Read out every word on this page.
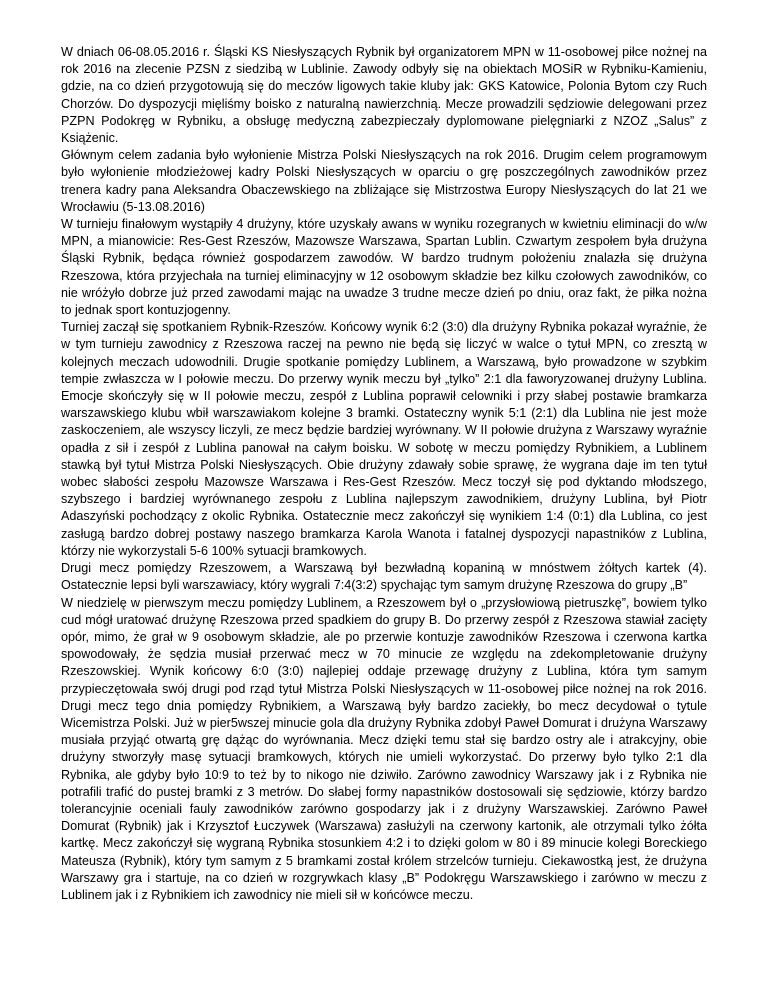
W dniach 06-08.05.2016 r. Śląski KS Niesłyszących Rybnik był organizatorem MPN w 11-osobowej piłce nożnej na rok 2016 na zlecenie PZSN z siedzibą w Lublinie. Zawody odbyły się na obiektach MOSiR w Rybniku-Kamieniu, gdzie, na co dzień przygotowują się do meczów ligowych takie kluby jak: GKS Katowice, Polonia Bytom czy Ruch Chorzów. Do dyspozycji mięliśmy boisko z naturalną nawierzchnią. Mecze prowadzili sędziowie delegowani przez PZPN Podokręg w Rybniku, a obsługę medyczną zabezpieczały dyplomowane pielęgniarki z NZOZ „Salus” z Książenic.

Głównym celem zadania było wyłonienie Mistrza Polski Niesłyszących na rok 2016. Drugim celem programowym było wyłonienie młodzieżowej kadry Polski Niesłyszących w oparciu o grę poszczególnych zawodników przez trenera kadry pana Aleksandra Obaczewskiego na zbliżające się Mistrzostwa Europy Niesłyszących do lat 21 we Wrocławiu (5-13.08.2016)

W turnieju finałowym wystąpiły 4 drużyny, które uzyskały awans w wyniku rozegranych w kwietniu eliminacji do w/w MPN, a mianowicie: Res-Gest Rzeszów, Mazowsze Warszawa, Spartan Lublin. Czwartym zespołem była drużyna Śląski Rybnik, będąca również gospodarzem zawodów. W bardzo trudnym położeniu znalazła się drużyna Rzeszowa, która przyjechała na turniej eliminacyjny w 12 osobowym składzie bez kilku czołowych zawodników, co nie wróżyło dobrze już przed zawodami mając na uwadze 3 trudne mecze dzień po dniu, oraz fakt, że piłka nożna to jednak sport kontuzjogenny.

Turniej zaczął się spotkaniem Rybnik-Rzeszów. Końcowy wynik 6:2 (3:0) dla drużyny Rybnika pokazał wyraźnie, że w tym turnieju zawodnicy z Rzeszowa raczej na pewno nie będą się liczyć w walce o tytuł MPN, co zresztą w kolejnych meczach udowodnili. Drugie spotkanie pomiędzy Lublinem, a Warszawą, było prowadzone w szybkim tempie zwłaszcza w I połowie meczu. Do przerwy wynik meczu był „tylko” 2:1 dla faworyzowanej drużyny Lublina. Emocje skończyły się w II połowie meczu, zespół z Lublina poprawił celowniki i przy słabej postawie bramkarza warszawskiego klubu wbił warszawiakom kolejne 3 bramki. Ostateczny wynik 5:1 (2:1) dla Lublina nie jest może zaskoczeniem, ale wszyscy liczyli, ze mecz będzie bardziej wyrównany. W II połowie drużyna z Warszawy wyraźnie opadła z sił i zespół z Lublina panował na całym boisku. W sobotę w meczu pomiędzy Rybnikiem, a Lublinem stawką był tytuł Mistrza Polski Niesłyszących. Obie drużyny zdawały sobie sprawę, że wygrana daje im ten tytuł wobec słabości zespołu Mazowsze Warszawa i Res-Gest Rzeszów. Mecz toczył się pod dyktando młodszego, szybszego i bardziej wyrównanego zespołu z Lublina najlepszym zawodnikiem, drużyny Lublina, był Piotr Adaszyński pochodzący z okolic Rybnika. Ostatecznie mecz zakończył się wynikiem 1:4 (0:1) dla Lublina, co jest zasługą bardzo dobrej postawy naszego bramkarza Karola Wanota i fatalnej dyspozycji napastników z Lublina, którzy nie wykorzystali 5-6 100% sytuacji bramkowych.

Drugi mecz pomiędzy Rzeszowem, a Warszawą był bezwładną kopaniną w mnóstwem żółtych kartek (4). Ostatecznie lepsi byli warszawiacy, który wygrali 7:4(3:2) spychając tym samym drużynę Rzeszowa do grupy „B”

W niedzielę w pierwszym meczu pomiędzy Lublinem, a Rzeszowem był o „przysłowiową pietruszkę”, bowiem tylko cud mógł uratować drużynę Rzeszowa przed spadkiem do grupy B. Do przerwy zespół z Rzeszowa stawiał zacięty opór, mimo, że grał w 9 osobowym składzie, ale po przerwie kontuzje zawodników Rzeszowa i czerwona kartka spowodowały, że sędzia musiał przerwać mecz w 70 minucie ze względu na zdekompletowanie drużyny Rzeszowskiej. Wynik końcowy 6:0 (3:0) najlepiej oddaje przewagę drużyny z Lublina, która tym samym przypieczętowała swój drugi pod rząd tytuł Mistrza Polski Niesłyszących w 11-osobowej piłce nożnej na rok 2016. Drugi mecz tego dnia pomiędzy Rybnikiem, a Warszawą były bardzo zaciekły, bo mecz decydował o tytule Wicemistrza Polski. Już w pier5wszej minucie gola dla drużyny Rybnika zdobył Paweł Domurat i drużyna Warszawy musiała przyjąć otwartą grę dążąc do wyrównania. Mecz dzięki temu stał się bardzo ostry ale i atrakcyjny, obie drużyny stworzyły masę sytuacji bramkowych, których nie umieli wykorzystać. Do przerwy było tylko 2:1 dla Rybnika, ale gdyby było 10:9 to też by to nikogo nie dziwiło. Zarówno zawodnicy Warszawy jak i z Rybnika nie potrafili trafić do pustej bramki z 3 metrów. Do słabej formy napastników dostosowali się sędziowie, którzy bardzo tolerancyjnie oceniali fauly zawodników zarówno gospodarzy jak i z drużyny Warszawskiej. Zarówno Paweł Domurat (Rybnik) jak i Krzysztof Łuczywek (Warszawa) zasłużyli na czerwony kartonik, ale otrzymali tylko żółta kartkę. Mecz zakończył się wygraną Rybnika stosunkiem 4:2 i to dzięki golom w 80 i 89 minucie kolegi Boreckiego Mateusza (Rybnik), który tym samym z 5 bramkami został królem strzelców turnieju. Ciekawostką jest, że drużyna Warszawy gra i startuje, na co dzień w rozgrywkach klasy „B” Podokręgu Warszawskiego i zarówno w meczu z Lublinem jak i z Rybnikiem ich zawodnicy nie mieli sił w końcówce meczu.
